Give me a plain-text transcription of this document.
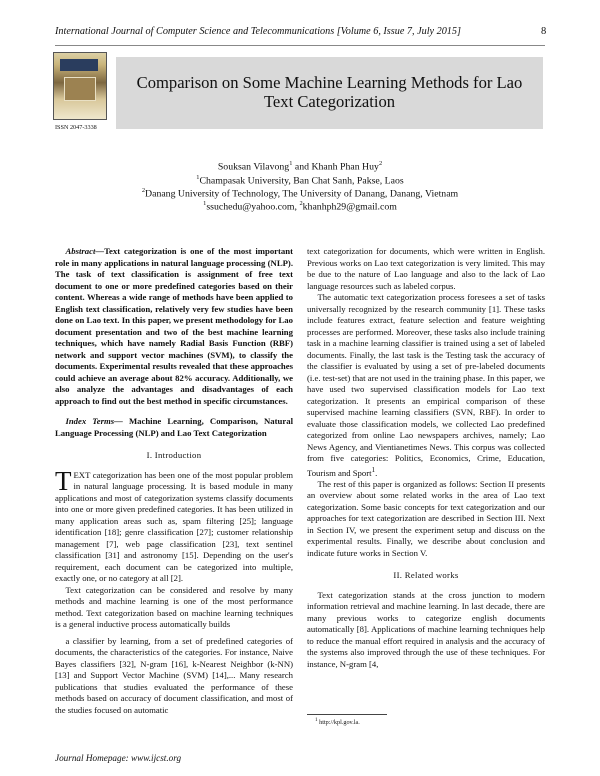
International Journal of Computer Science and Telecommunications [Volume 6, Issue 7, July 2015]	8
ISSN 2047-3338
Comparison on Some Machine Learning Methods for Lao
Text Categorization
Souksan Vilavong$^1$ and Khanh Phan Huy$^2$
$^1$Champasak University, Ban Chat Sanh, Pakse, Laos
$^2$Danang University of Technology, The University of Danang, Danang, Vietnam
$^1$ssuchedu@yahoo.com, $^2$khanhph29@gmail.com

Abstract—Text categorization is one of the most important role in many applications in natural language processing (NLP). The task of text classification is assignment of free text document to one or more predefined categories based on their content. Whereas a wide range of methods have been applied to English text classification, relatively very few studies have been done on Lao text. In this paper, we present methodology for Lao document presentation and two of the best machine learning techniques, which have namely Radial Basis Function (RBF) network and support vector machines (SVM), to classify the documents. Experimental results revealed that these approaches could achieve an average about 82% accuracy. Additionally, we also analyze the advantages and disadvantages of each approach to find out the best method in specific circumstances.

Index Terms— Machine Learning, Comparison, Natural Language Processing (NLP) and Lao Text Categorization

I. Introduction

TEXT categorization has been one of the most popular problem in natural language processing. It is based module in many applications and most of categorization systems classify documents into one or more given predefined categories. It has been utilized in many application areas such as, spam filtering [25]; language identification [18]; genre classification [27]; customer relationship management [7], web page classification [23], text sentinel classification [31] and astronomy [15]. Depending on the user's requirement, each document can be categorized into multiple, exactly one, or no category at all [2].

Text categorization can be considered and resolve by many methods and machine learning is one of the most performance method. Text categorization based on machine learning techniques is a general inductive process automatically builds

a classifier by learning, from a set of predefined categories of documents, the characteristics of the categories. For instance, Naive Bayes classifiers [32], N-gram [16], k-Nearest Neighbor (k-NN) [13] and Support Vector Machine (SVM) [14],... Many research publications that studies evaluated the performance of these methods based on accuracy of document classification, and most of the studies focused on automatic

text categorization for documents, which were written in English. Previous works on Lao text categorization is very limited. This may be due to the nature of Lao language and also to the lack of Lao language resources such as labeled corpus.

The automatic text categorization process foresees a set of tasks universally recognized by the research community [1]. These tasks include features extract, feature selection and feature weighting processes are performed. Moreover, these tasks also include training task in a machine learning classifier is trained using a set of labeled documents. Finally, the last task is the Testing task the accuracy of the classifier is evaluated by using a set of pre-labeled documents (i.e. test-set) that are not used in the training phase. In this paper, we have used two supervised classification models for Lao text categorization. It presents an empirical comparison of these supervised machine learning classifiers (SVN, RBF). In order to evaluate those classification models, we collected Lao predefined categorized from online Lao newspapers archives, namely; Lao News Agency, and Vientianetimes News. This corpus was collected from five categories: Politics, Economics, Crime, Education, Tourism and Sport$^1$.

The rest of this paper is organized as follows: Section II presents an overview about some related works in the area of Lao text categorization. Some basic concepts for text categorization and our approaches for text categorization are described in Section III. Next in Section IV, we present the experiment setup and discuss on the experimental results. Finally, we describe about conclusion and indicate future works in Section V.

II. Related works

Text categorization stands at the cross junction to modern information retrieval and machine learning. In last decade, there are many previous works to categorize english documents automatically [8]. Applications of machine learning techniques help to reduce the manual effort required in analysis and the accuracy of the systems also improved through the use of these techniques. For instance, N-gram [4,

$^1$ http://kpl.gov.la.
Journal Homepage: www.ijcst.org
